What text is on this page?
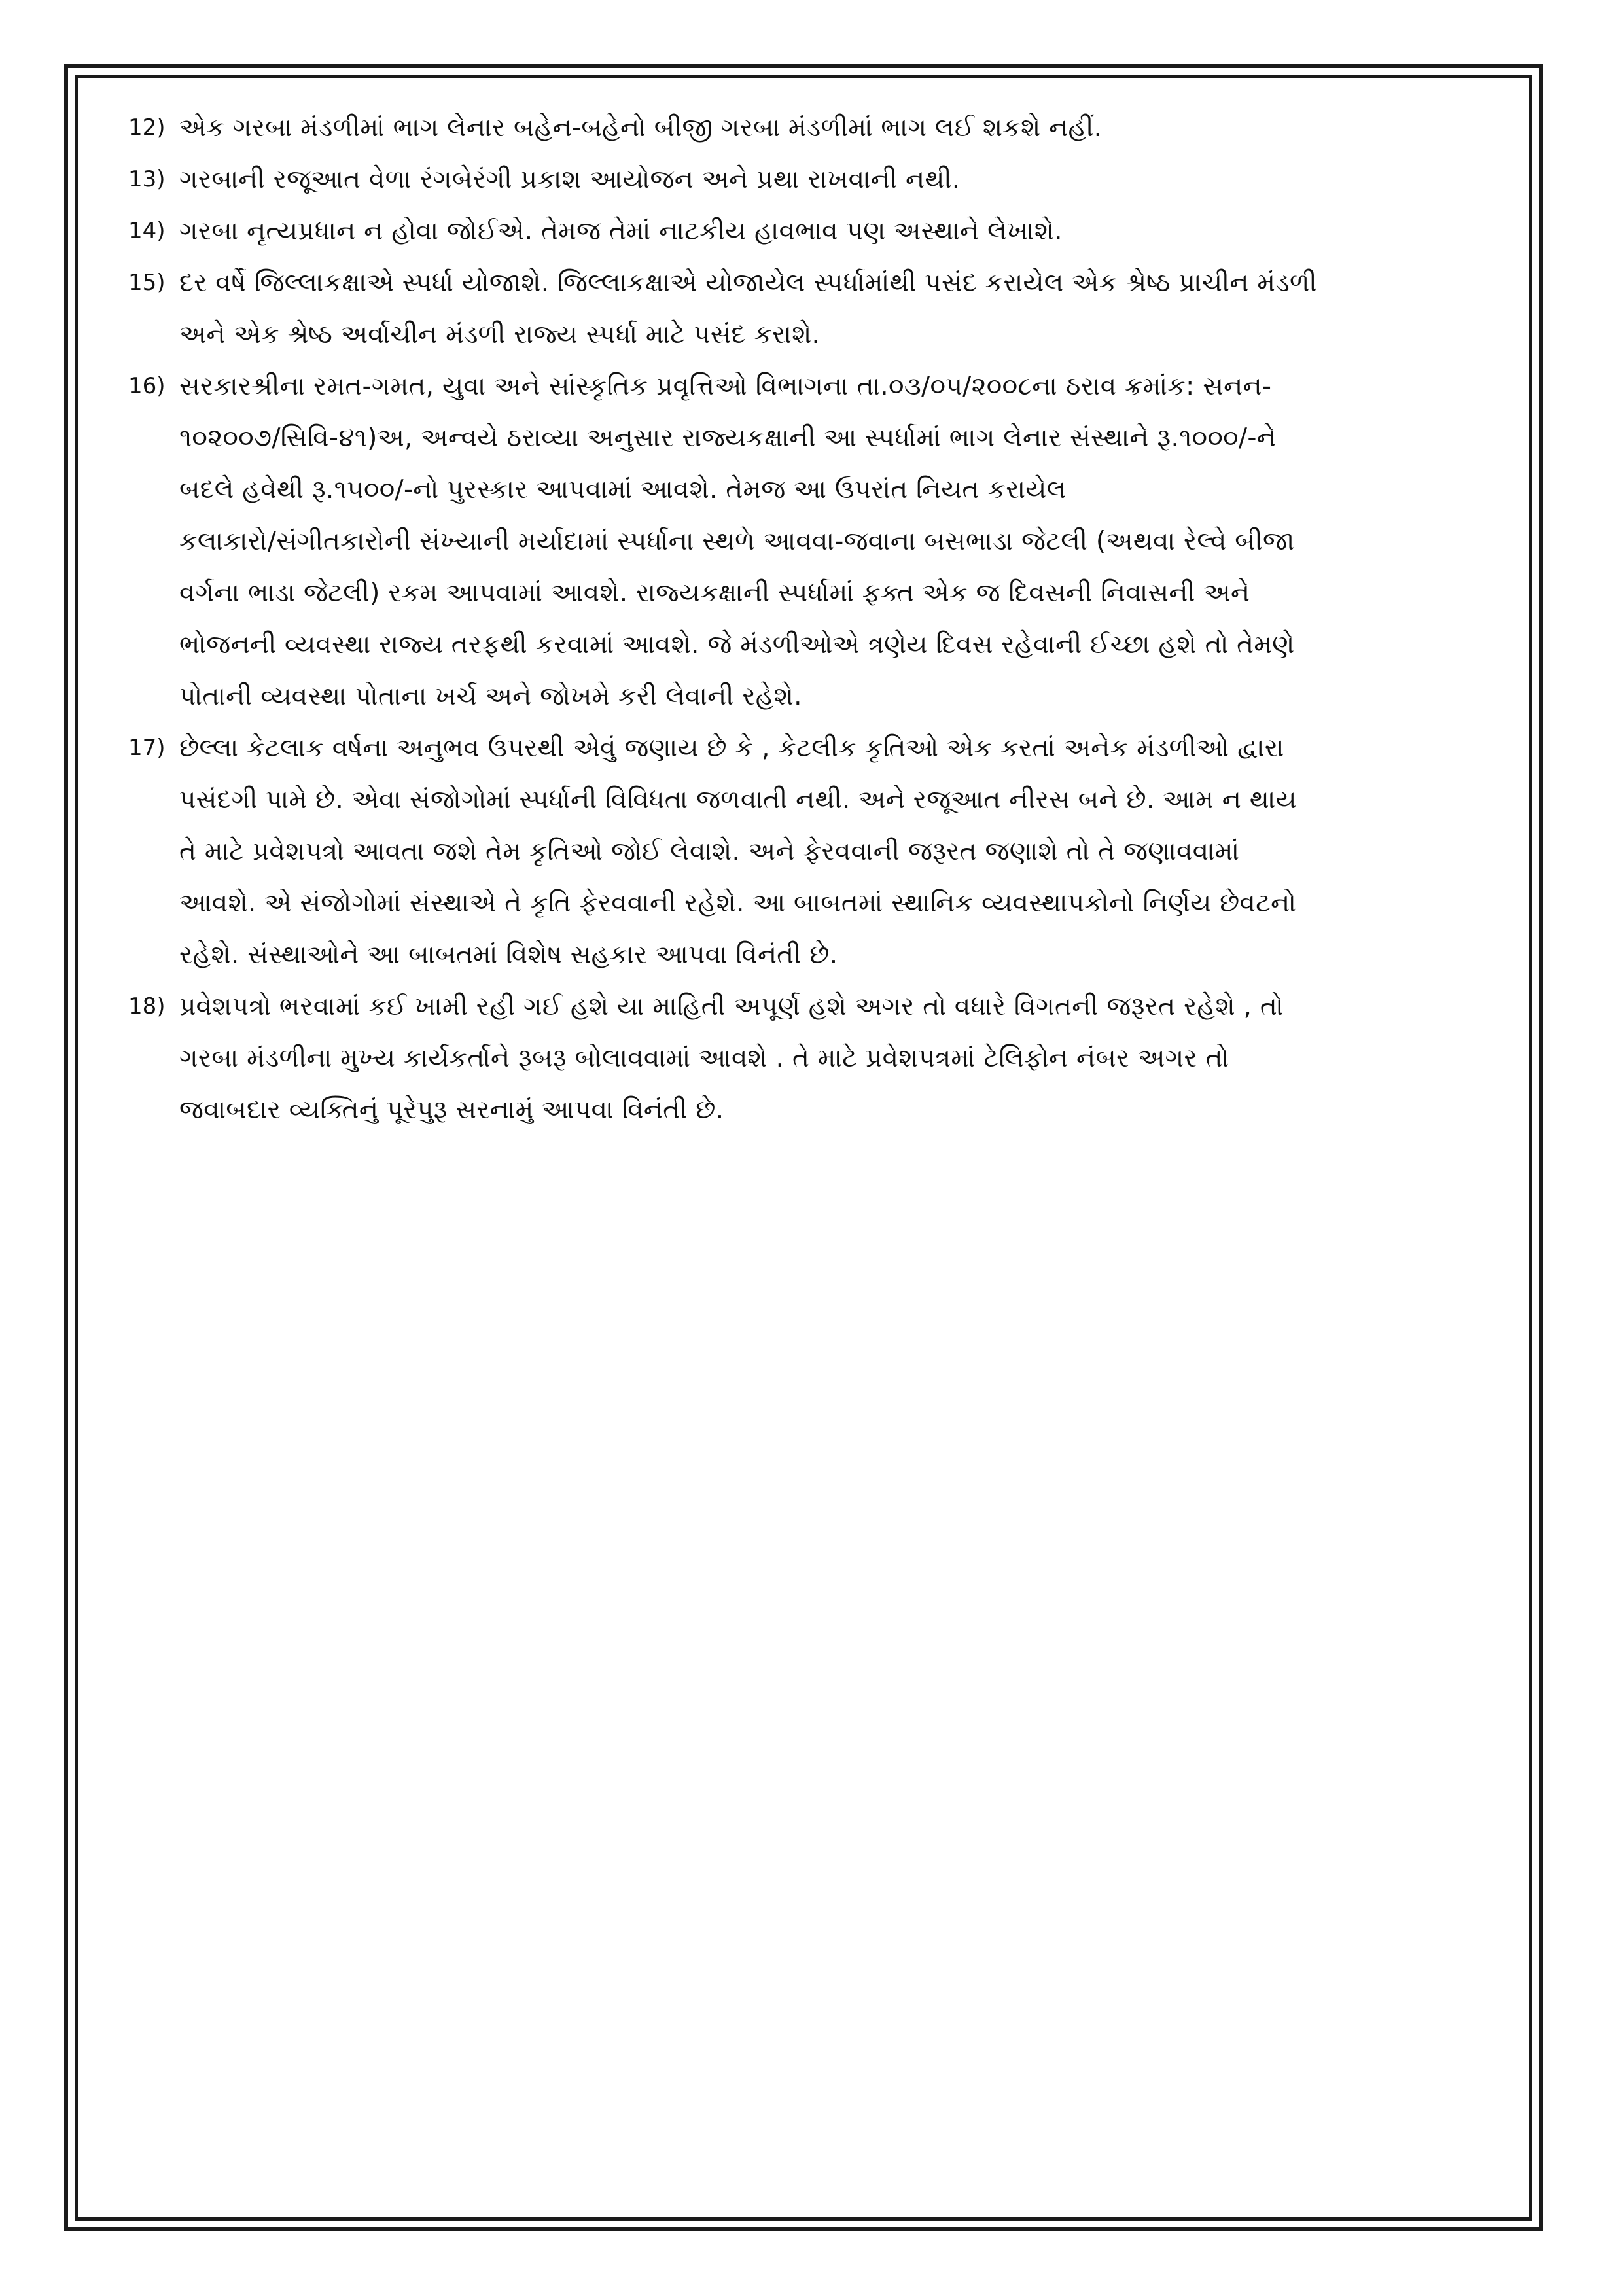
12) એક ગરબા મંડળીમાં ભાગ લેનાર બહેન-બહેનો બીજી ગરબા મંડળીમાં ભાગ લઈ શકશે નહીં.
13) ગરબાની રજૂઆત વેળા રંગબેરંગી પ્રકાશ આયોજન અને પ્રથા રાખવાની નથી.
14) ગરબા નૃત્યપ્રધાન ન હોવા જોઈએ. તેમજ તેમાં નાટકીય હાવભાવ પણ અસ્થાને લેખાશે.
15) દર વર્ષે જિલ્લાકક્ષાએ સ્પર્ધા યોજાશે. જિલ્લાકક્ષાએ યોજાયેલ સ્પર્ધામાંથી પસંદ કરાયેલ એક શ્રેષ્ઠ પ્રાચીન મંડળી
અને એક શ્રેષ્ઠ અર્વાચીન મંડળી રાજ્ય સ્પર્ધા માટે પસંદ કરાશે.
16) સરકારશ્રીના રમત-ગમત, યુવા અને સાંસ્કૃતિક પ્રવૃત્તિઓ વિભાગના તા.૦૩/૦૫/૨૦૦૮ના ઠરાવ ક્રમાંક: સનન-
૧૦૨૦૦૭/સિવિ-૪૧)અ, અન્વયે ઠરાવ્યા અનુસાર રાજ્યકક્ષાની આ સ્પર્ધામાં ભાગ લેનાર સંસ્થાને રૂ.૧૦૦૦/-ને
બદલે હવેથી રૂ.૧૫૦૦/-નો પુરસ્કાર આપવામાં આવશે. તેમજ આ ઉપરાંત નિયત કરાયેલ
કલાકારો/સંગીતકારોની સંખ્યાની મર્યાદામાં સ્પર્ધાના સ્થળે આવવા-જવાના બસભાડા જેટલી (અથવા રેલ્વે બીજા
વર્ગના ભાડા જેટલી) રકમ આપવામાં આવશે. રાજ્યકક્ષાની સ્પર્ધામાં ફક્ત એક જ દિવસની નિવાસની અને
ભોજનની વ્યવસ્થા રાજ્ય તરફથી કરવામાં આવશે. જે મંડળીઓએ ત્રણેય દિવસ રહેવાની ઈચ્છા હશે તો તેમણે
પોતાની વ્યવસ્થા પોતાના ખર્ચ અને જોખમે કરી લેવાની રહેશે.
17) છેલ્લા કેટલાક વર્ષના અનુભવ ઉપરથી એવું જણાય છે કે , કેટલીક કૃતિઓ એક કરતાં અનેક મંડળીઓ દ્વારા
પસંદગી પામે છે. એવા સંજોગોમાં સ્પર્ધાની વિવિધતા જળવાતી નથી. અને રજૂઆત નીરસ બને છે. આમ ન થાય
તે માટે પ્રવેશપત્રો આવતા જશે તેમ કૃતિઓ જોઈ લેવાશે. અને ફેરવવાની જરૂરત જણાશે તો તે જણાવવામાં
આવશે. એ સંજોગોમાં સંસ્થાએ તે કૃતિ ફેરવવાની રહેશે. આ બાબતમાં સ્થાનિક વ્યવસ્થાપકોનો નિર્ણય છેવટનો
રહેશે. સંસ્થાઓને આ બાબતમાં વિશેષ સહકાર આપવા વિનંતી છે.
18) પ્રવેશપત્રો ભરવામાં કઈ ખામી રહી ગઈ હશે યા માહિતી અપૂર્ણ હશે અગર તો વધારે વિગતની જરૂરત રહેશે , તો
ગરબા મંડળીના મુખ્ય કાર્યકર્તાને રૂબરૂ બોલાવવામાં આવશે . તે માટે પ્રવેશપત્રમાં ટેલિફોન નંબર અગર તો
જવાબદાર વ્યક્તિનું પૂરેપુરૂ સરનામું આપવા વિનંતી છે.
